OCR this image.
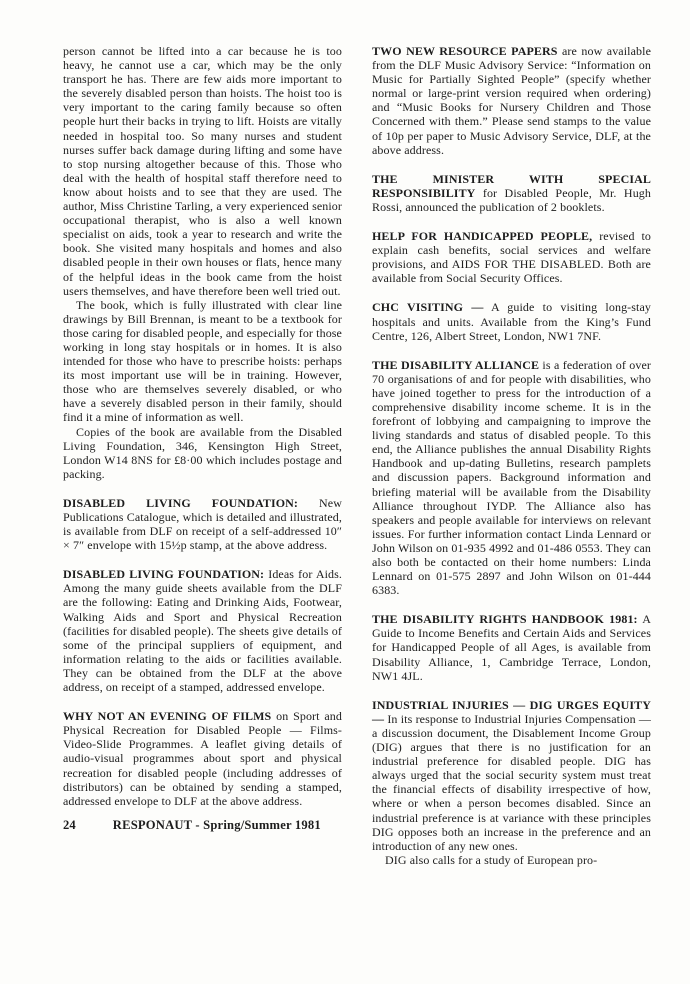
person cannot be lifted into a car because he is too heavy, he cannot use a car, which may be the only transport he has. There are few aids more important to the severely disabled person than hoists. The hoist too is very important to the caring family because so often people hurt their backs in trying to lift. Hoists are vitally needed in hospital too. So many nurses and student nurses suffer back damage during lifting and some have to stop nursing altogether because of this. Those who deal with the health of hospital staff therefore need to know about hoists and to see that they are used. The author, Miss Christine Tarling, a very experienced senior occupational therapist, who is also a well known specialist on aids, took a year to research and write the book. She visited many hospitals and homes and also disabled people in their own houses or flats, hence many of the helpful ideas in the book came from the hoist users themselves, and have therefore been well tried out.

The book, which is fully illustrated with clear line drawings by Bill Brennan, is meant to be a textbook for those caring for disabled people, and especially for those working in long stay hospitals or in homes. It is also intended for those who have to prescribe hoists: perhaps its most important use will be in training. However, those who are themselves severely disabled, or who have a severely disabled person in their family, should find it a mine of information as well.

Copies of the book are available from the Disabled Living Foundation, 346, Kensington High Street, London W14 8NS for £8·00 which includes postage and packing.

DISABLED LIVING FOUNDATION: New Publications Catalogue, which is detailed and illustrated, is available from DLF on receipt of a self-addressed 10″ × 7″ envelope with 15½p stamp, at the above address.

DISABLED LIVING FOUNDATION: Ideas for Aids. Among the many guide sheets available from the DLF are the following: Eating and Drinking Aids, Footwear, Walking Aids and Sport and Physical Recreation (facilities for disabled people). The sheets give details of some of the principal suppliers of equipment, and information relating to the aids or facilities available. They can be obtained from the DLF at the above address, on receipt of a stamped, addressed envelope.

WHY NOT AN EVENING OF FILMS on Sport and Physical Recreation for Disabled People — Films-Video-Slide Programmes. A leaflet giving details of audio-visual programmes about sport and physical recreation for disabled people (including addresses of distributors) can be obtained by sending a stamped, addressed envelope to DLF at the above address.

24	RESPONAUT - Spring/Summer 1981

TWO NEW RESOURCE PAPERS are now available from the DLF Music Advisory Service: “Information on Music for Partially Sighted People” (specify whether normal or large-print version required when ordering) and “Music Books for Nursery Children and Those Concerned with them.” Please send stamps to the value of 10p per paper to Music Advisory Service, DLF, at the above address.

THE MINISTER WITH SPECIAL RESPONSIBILITY for Disabled People, Mr. Hugh Rossi, announced the publication of 2 booklets.

HELP FOR HANDICAPPED PEOPLE, revised to explain cash benefits, social services and welfare provisions, and AIDS FOR THE DISABLED. Both are available from Social Security Offices.

CHC VISITING — A guide to visiting long-stay hospitals and units. Available from the King’s Fund Centre, 126, Albert Street, London, NW1 7NF.

THE DISABILITY ALLIANCE is a federation of over 70 organisations of and for people with disabilities, who have joined together to press for the introduction of a comprehensive disability income scheme. It is in the forefront of lobbying and campaigning to improve the living standards and status of disabled people. To this end, the Alliance publishes the annual Disability Rights Handbook and up-dating Bulletins, research pamplets and discussion papers. Background information and briefing material will be available from the Disability Alliance throughout IYDP. The Alliance also has speakers and people available for interviews on relevant issues. For further information contact Linda Lennard or John Wilson on 01-935 4992 and 01-486 0553. They can also both be contacted on their home numbers: Linda Lennard on 01-575 2897 and John Wilson on 01-444 6383.

THE DISABILITY RIGHTS HANDBOOK 1981: A Guide to Income Benefits and Certain Aids and Services for Handicapped People of all Ages, is available from Disability Alliance, 1, Cambridge Terrace, London, NW1 4JL.

INDUSTRIAL INJURIES — DIG URGES EQUITY — In its response to Industrial Injuries Compensation — a discussion document, the Disablement Income Group (DIG) argues that there is no justification for an industrial preference for disabled people. DIG has always urged that the social security system must treat the financial effects of disability irrespective of how, where or when a person becomes disabled. Since an industrial preference is at variance with these principles DIG opposes both an increase in the preference and an introduction of any new ones.

DIG also calls for a study of European pro-
